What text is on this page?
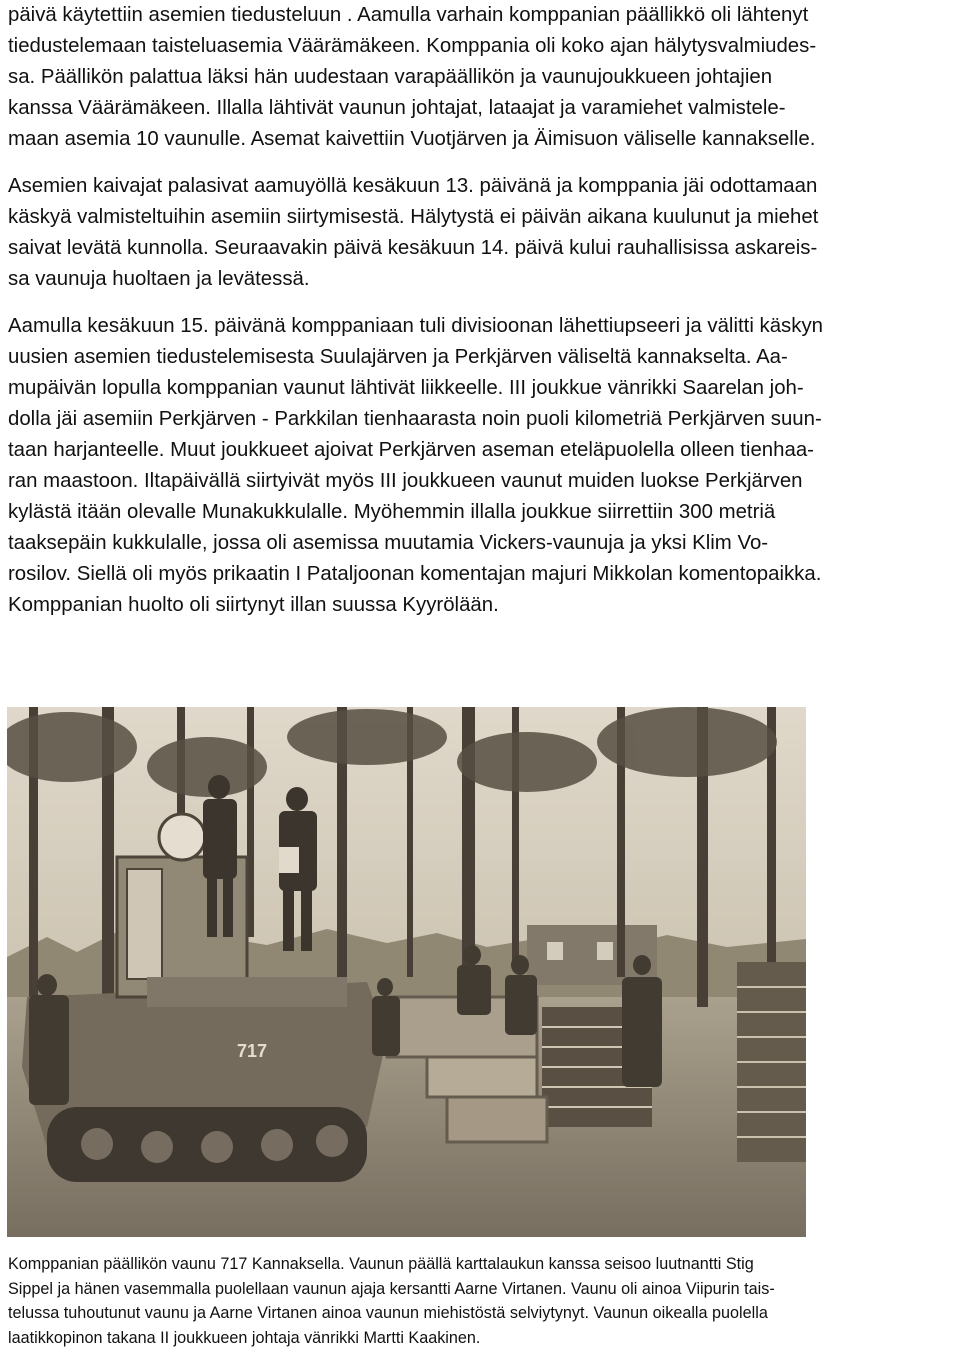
päivä käytettiin asemien tiedusteluun . Aamulla varhain komppanian päällikkö oli lähtenyt
tiedustelemaan taisteluasemia Väärämäkeen. Komppania oli koko ajan hälytysvalmiudes-
sa. Päällikön palattua läksi hän uudestaan varapäällikön ja vaunujoukkueen johtajien
kanssa Väärämäkeen. Illalla lähtivät vaunun johtajat, lataajat ja varamiehet valmistele-
maan asemia 10 vaunulle. Asemat kaivettiin Vuotjärven ja Äimisuon väliselle kannakselle.
Asemien kaivajat palasivat aamuyöllä kesäkuun 13. päivänä ja komppania jäi odottamaan
käskyä valmisteltuihin asemiin siirtymisestä. Hälytystä ei päivän aikana kuulunut ja miehet
saivat levätä kunnolla. Seuraavakin päivä kesäkuun 14. päivä kului rauhallisissa askareis-
sa vaunuja huoltaen ja levätessä.
Aamulla kesäkuun 15. päivänä komppaniaan tuli divisioonan lähettiupseeri ja välitti käskyn
uusien asemien tiedustelemisesta Suulajärven ja Perkjärven väliseltä kannakselta. Aa-
mupäivän lopulla komppanian vaunut lähtivät liikkeelle. III joukkue vänrikki Saarelan joh-
dolla jäi asemiin Perkjärven - Parkkilan tienhaarasta noin puoli kilometriä Perkjärven suun-
taan harjanteelle. Muut joukkueet ajoivat Perkjärven aseman eteläpuolella olleen tienhaa-
ran maastoon. Iltapäivällä siirtyivät myös III joukkueen vaunut muiden luokse Perkjärven
kylästä itään olevalle Munakukkulalle. Myöhemmin illalla joukkue siirrettiin 300 metriä
taaksepäin kukkulalle, jossa oli asemissa muutamia Vickers-vaunuja ja yksi Klim Vo-
rosilov. Siellä oli myös prikaatin I Pataljoonan komentajan majuri Mikkolan komentopaikka.
Komppanian huolto oli siirtynyt illan suussa Kyyrölään.
717
Komppanian päällikön vaunu 717 Kannaksella. Vaunun päällä karttalaukun kanssa seisoo luutnantti Stig
Sippel ja hänen vasemmalla puolellaan vaunun ajaja kersantti Aarne Virtanen. Vaunu oli ainoa Viipurin tais-
telussa tuhoutunut vaunu ja Aarne Virtanen ainoa vaunun miehistöstä selviytynyt. Vaunun oikealla puolella
laatikkopinon takana II joukkueen johtaja vänrikki Martti Kaakinen.
